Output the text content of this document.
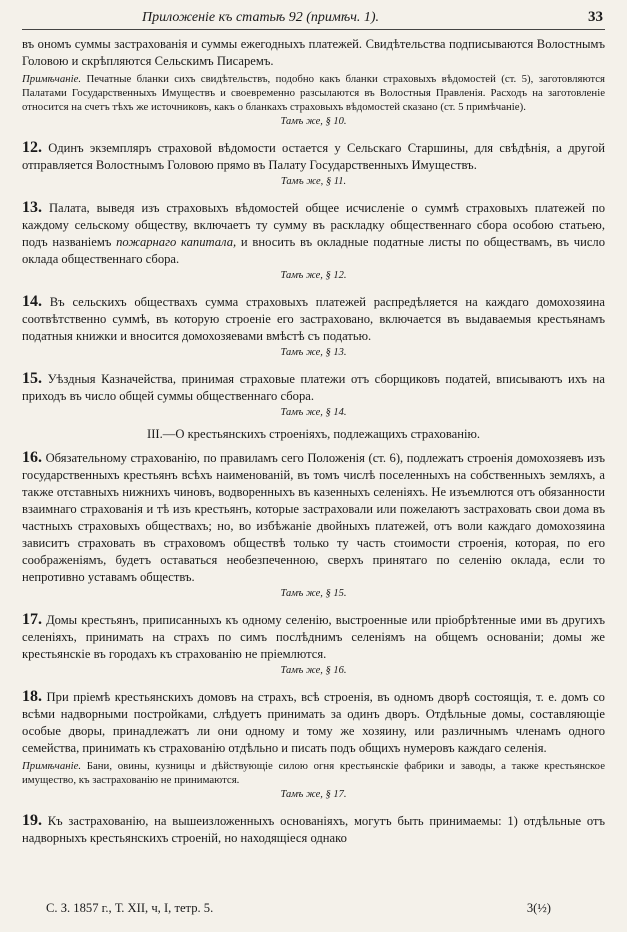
Приложенiе къ статьѣ 92 (примѣч. 1).	33

въ ономъ суммы застрахованiя и суммы ежегодныхъ платежей. Свидѣтельства подписываются Волостнымъ Головою и скрѣпляются Сельскимъ Писаремъ.

Примѣчанiе. Печатные бланки сихъ свидѣтельствъ, подобно какъ бланки страховыхъ вѣдомостей (ст. 5), заготовляются Палатами Государственныхъ Имуществъ и своевременно разсылаются въ Волостныя Правленiя. Расходъ на заготовленiе относится на счетъ тѣхъ же источниковъ, какъ о бланкахъ страховыхъ вѣдомостей сказано (ст. 5 примѣчанiе).

Тамъ же, § 10.

12. Одинъ экземпляръ страховой вѣдомости остается у Сельскаго Старшины, для свѣдѣнiя, а другой отправляется Волостнымъ Головою прямо въ Палату Государственныхъ Имуществъ.

Тамъ же, § 11.

13. Палата, выведя изъ страховыхъ вѣдомостей общее исчисленiе о суммѣ страховыхъ платежей по каждому сельскому обществу, включаетъ ту сумму въ раскладку общественнаго сбора особою статьею, подъ названiемъ пожарнаго капитала, и вносить въ окладные податные листы по обществамъ, въ число оклада общественнаго сбора.

Тамъ же, § 12.

14. Въ сельскихъ обществахъ сумма страховыхъ платежей распредѣляется на каждаго домохозяина соотвѣтственно суммѣ, въ которую строенiе его застраховано, включается въ выдаваемыя крестьянамъ податныя книжки и вносится домохозяевами вмѣстѣ съ податью.

Тамъ же, § 13.

15. Уѣздныя Казначейства, принимая страховые платежи отъ сборщиковъ податей, вписываютъ ихъ на приходъ въ число общей суммы общественнаго сбора.

Тамъ же, § 14.
III.—О крестьянскихъ строенiяхъ, подлежащихъ страхованiю.

16. Обязательному страхованiю, по правиламъ сего Положенiя (ст. 6), подлежатъ строенiя домохозяевъ изъ государственныхъ крестьянъ всѣхъ наименованiй, въ томъ числѣ поселенныхъ на собственныхъ земляхъ, а также отставныхъ нижнихъ чиновъ, водворенныхъ въ казенныхъ селенiяхъ. Не изъемлются отъ обязанности взаимнаго страхованiя и тѣ изъ крестьянъ, которые застраховали или пожелаютъ застраховать свои дома въ частныхъ страховыхъ обществахъ; но, во избѣжанiе двойныхъ платежей, отъ воли каждаго домохозяина зависитъ страховать въ страховомъ обществѣ только ту часть стоимости строенiя, которая, по его соображенiямъ, будетъ оставаться необезпеченною, сверхъ принятаго по селенiю оклада, если то непротивно уставамъ обществъ.

Тамъ же, § 15.

17. Домы крестьянъ, приписанныхъ къ одному селенiю, выстроенные или прiобрѣтенные ими въ другихъ селенiяхъ, принимать на страхъ по симъ послѣднимъ селенiямъ на общемъ основанiи; домы же крестьянскiе въ городахъ къ страхованiю не прiемлются.

Тамъ же, § 16.

18. При прiемѣ крестьянскихъ домовъ на страхъ, всѣ строенiя, въ одномъ дворѣ состоящiя, т. е. домъ со всѣми надворными постройками, слѣдуетъ принимать за одинъ дворъ. Отдѣльные домы, составляющiе особые дворы, принадлежатъ ли они одному и тому же хозяину, или различнымъ членамъ одного семейства, принимать къ страхованiю отдѣльно и писать подъ общихъ нумеровъ каждаго селенiя.

Примѣчанiе. Бани, овины, кузницы и дѣйствующiе силою огня крестьянскiе фабрики и заводы, а также крестьянское имущество, къ застрахованiю не принимаются.

Тамъ же, § 17.

19. Къ застрахованiю, на вышеизложенныхъ основанiяхъ, могутъ быть принимаемы: 1) отдѣльные отъ надворныхъ крестьянскихъ строенiй, но находящiеся однако

С. З. 1857 г., Т. XII, ч, I, тетр. 5.	3(½)
